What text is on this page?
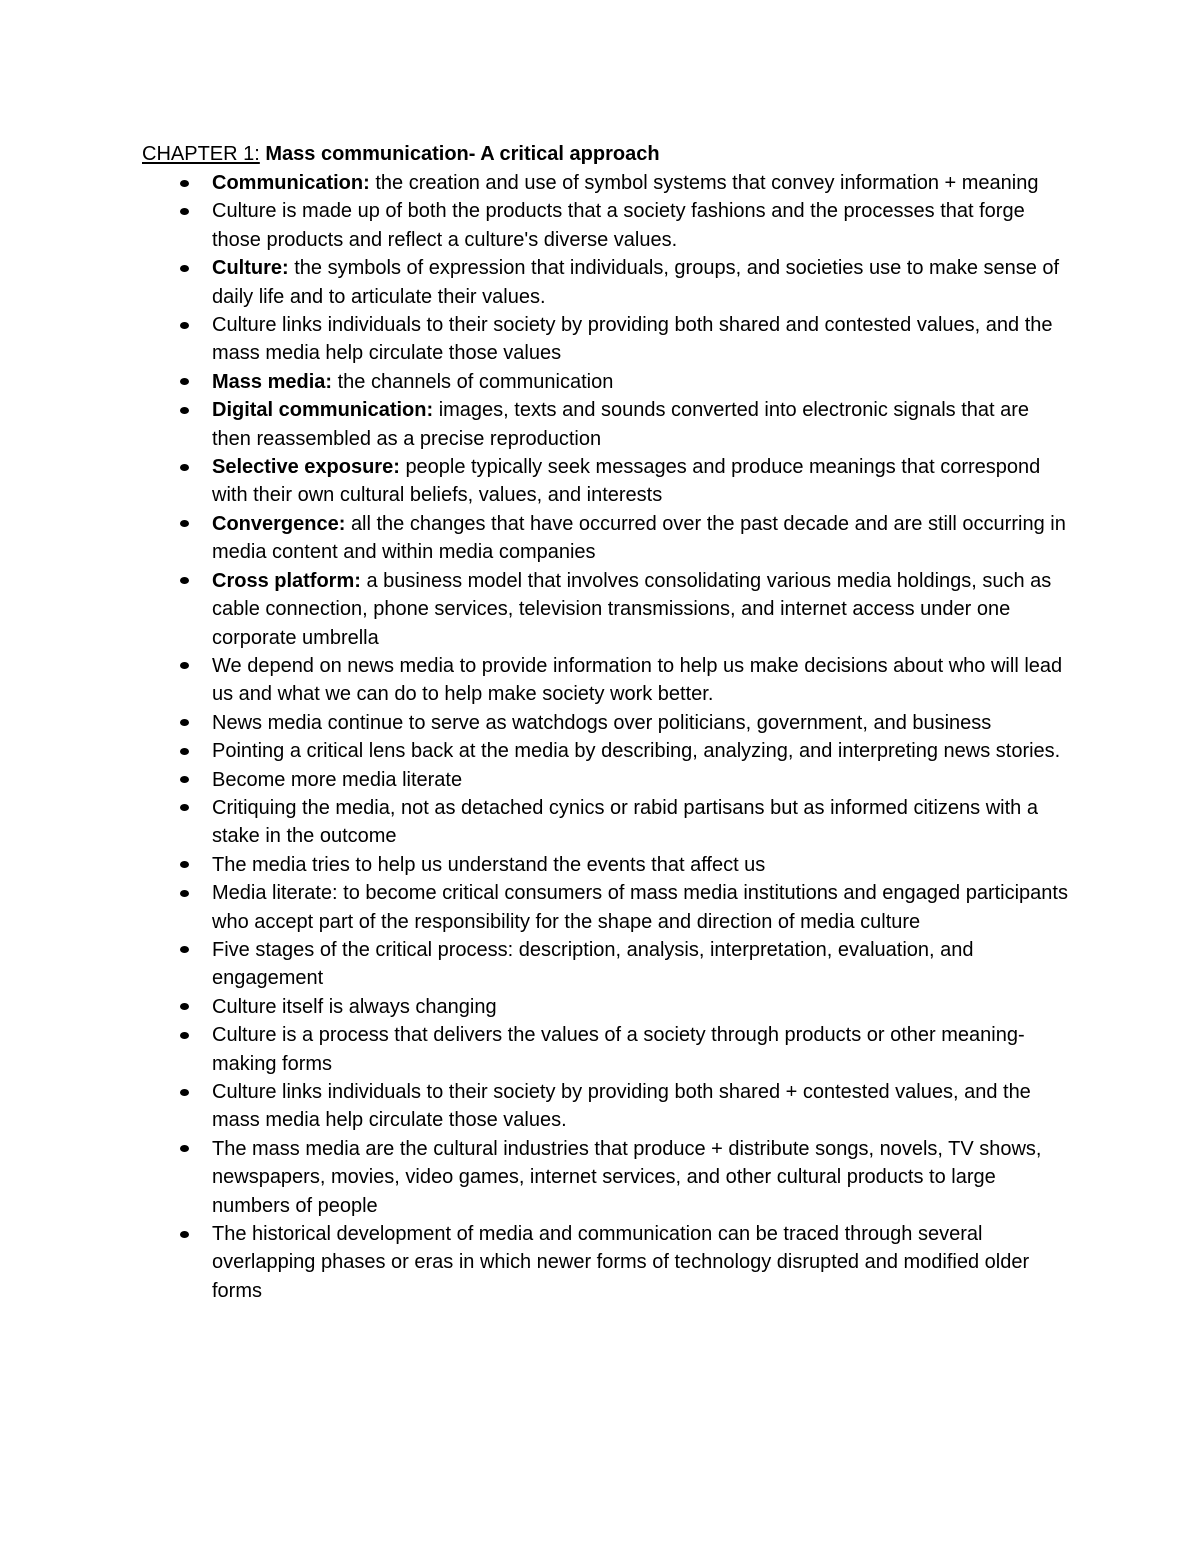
CHAPTER 1: Mass communication- A critical approach
Communication: the creation and use of symbol systems that convey information + meaning
Culture is made up of both the products that a society fashions and the processes that forge those products and reflect a culture's diverse values.
Culture: the symbols of expression that individuals, groups, and societies use to make sense of daily life and to articulate their values.
Culture links individuals to their society by providing both shared and contested values, and the mass media help circulate those values
Mass media: the channels of communication
Digital communication: images, texts and sounds converted into electronic signals that are then reassembled as a precise reproduction
Selective exposure: people typically seek messages and produce meanings that correspond with their own cultural beliefs, values, and interests
Convergence: all the changes that have occurred over the past decade and are still occurring in media content and within media companies
Cross platform: a business model that involves consolidating various media holdings, such as cable connection, phone services, television transmissions, and internet access under one corporate umbrella
We depend on news media to provide information to help us make decisions about who will lead us and what we can do to help make society work better.
News media continue to serve as watchdogs over politicians, government, and business
Pointing a critical lens back at the media by describing, analyzing, and interpreting news stories.
Become more media literate
Critiquing the media, not as detached cynics or rabid partisans but as informed citizens with a stake in the outcome
The media tries to help us understand the events that affect us
Media literate: to become critical consumers of mass media institutions and engaged participants who accept part of the responsibility for the shape and direction of media culture
Five stages of the critical process: description, analysis, interpretation, evaluation, and engagement
Culture itself is always changing
Culture is a process that delivers the values of a society through products or other meaning-making forms
Culture links individuals to their society by providing both shared + contested values, and the mass media help circulate those values.
The mass media are the cultural industries that produce + distribute songs, novels, TV shows, newspapers, movies, video games, internet services, and other cultural products to large numbers of people
The historical development of media and communication can be traced through several overlapping phases or eras in which newer forms of technology disrupted and modified older forms
